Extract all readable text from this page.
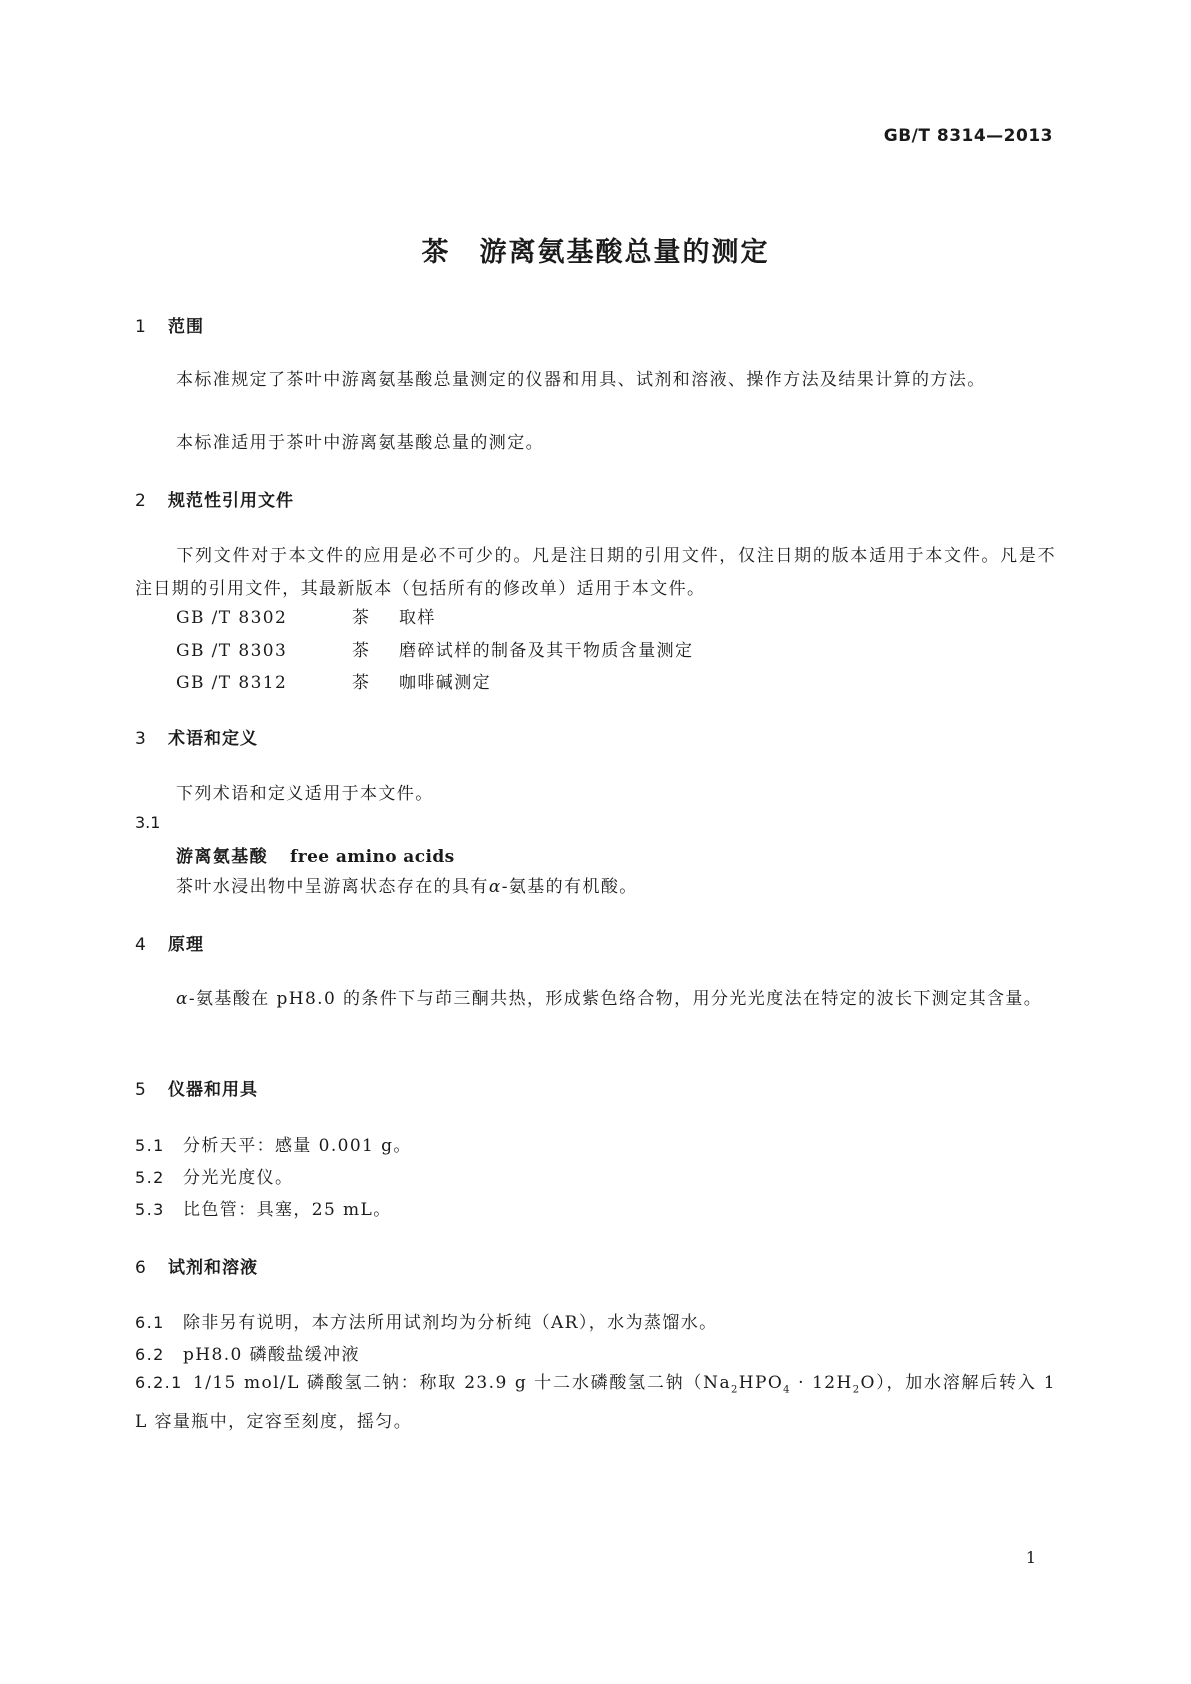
GB/T 8314—2013
茶　游离氨基酸总量的测定
1 范围
本标准规定了茶叶中游离氨基酸总量测定的仪器和用具、试剂和溶液、操作方法及结果计算的方法。
本标准适用于茶叶中游离氨基酸总量的测定。
2 规范性引用文件
下列文件对于本文件的应用是必不可少的。凡是注日期的引用文件，仅注日期的版本适用于本文件。凡是不注日期的引用文件，其最新版本（包括所有的修改单）适用于本文件。
GB /T 8302	茶 取样
GB /T 8303	茶 磨碎试样的制备及其干物质含量测定
GB /T 8312	茶 咖啡碱测定
3 术语和定义
下列术语和定义适用于本文件。
3.1
游离氨基酸 free amino acids
茶叶水浸出物中呈游离状态存在的具有α-氨基的有机酸。
4 原理
α-氨基酸在 pH8.0 的条件下与茚三酮共热，形成紫色络合物，用分光光度法在特定的波长下测定其含量。
5 仪器和用具
5.1 分析天平：感量 0.001 g。
5.2 分光光度仪。
5.3 比色管：具塞，25 mL。
6 试剂和溶液
6.1 除非另有说明，本方法所用试剂均为分析纯（AR），水为蒸馏水。
6.2 pH8.0 磷酸盐缓冲液
6.2.1 1/15 mol/L 磷酸氢二钠：称取 23.9 g 十二水磷酸氢二钠$(Na_2HPO_4 \cdot 12H_2O)$，加水溶解后转入 1 L 容量瓶中，定容至刻度，摇匀。
1
